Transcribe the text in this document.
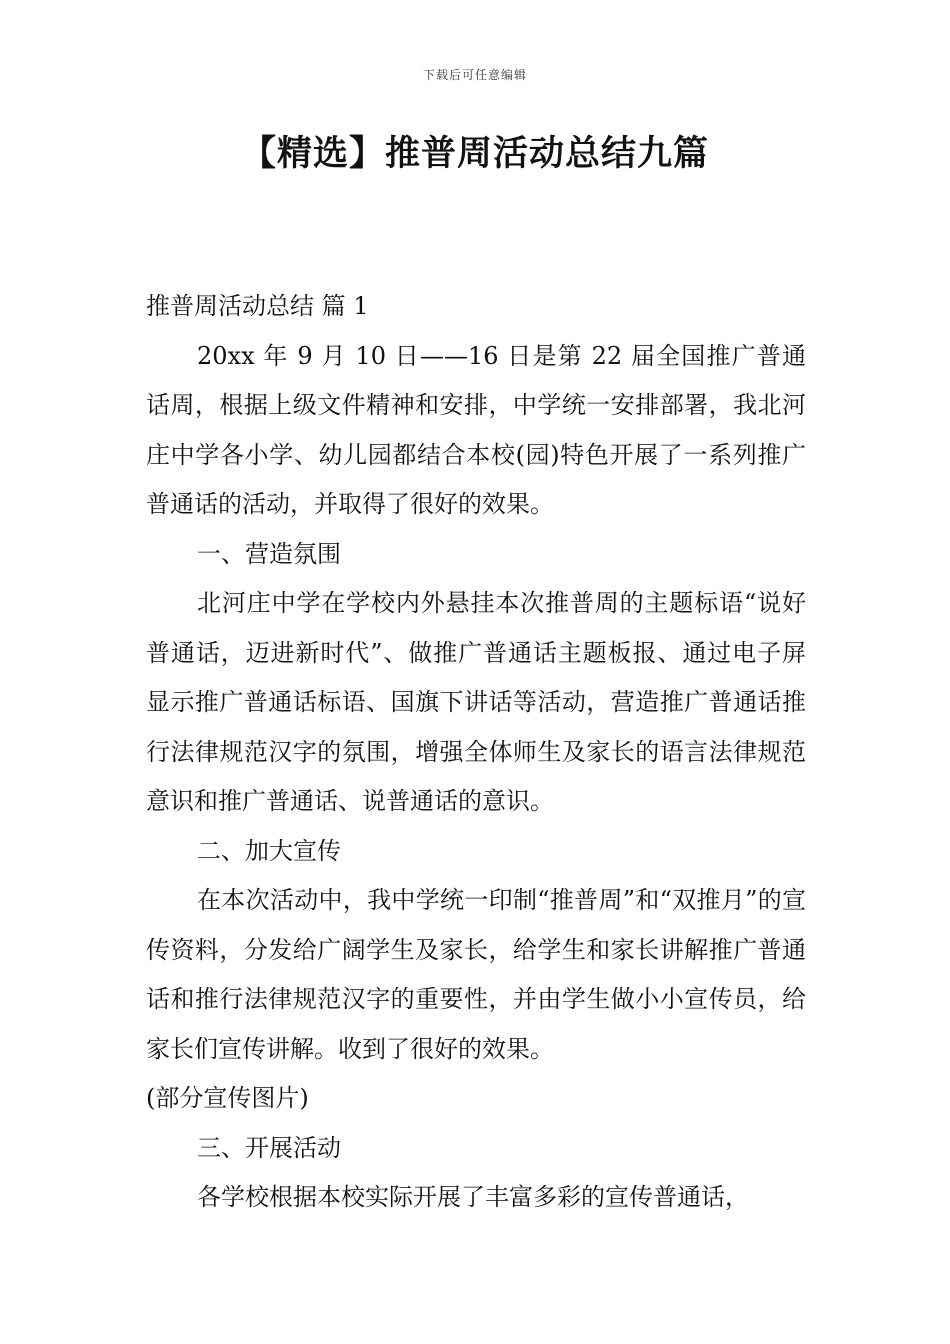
下载后可任意编辑
【精选】推普周活动总结九篇

推普周活动总结 篇 1

20xx 年 9 月 10 日——16 日是第 22 届全国推广普通话周，根据上级文件精神和安排，中学统一安排部署，我北河庄中学各小学、幼儿园都结合本校(园)特色开展了一系列推广普通话的活动，并取得了很好的效果。

一、营造氛围

北河庄中学在学校内外悬挂本次推普周的主题标语“说好普通话，迈进新时代”、做推广普通话主题板报、通过电子屏显示推广普通话标语、国旗下讲话等活动，营造推广普通话推行法律规范汉字的氛围，增强全体师生及家长的语言法律规范意识和推广普通话、说普通话的意识。

二、加大宣传

在本次活动中，我中学统一印制“推普周”和“双推月”的宣传资料，分发给广阔学生及家长，给学生和家长讲解推广普通话和推行法律规范汉字的重要性，并由学生做小小宣传员，给家长们宣传讲解。收到了很好的效果。

(部分宣传图片)

三、开展活动

各学校根据本校实际开展了丰富多彩的宣传普通话，
